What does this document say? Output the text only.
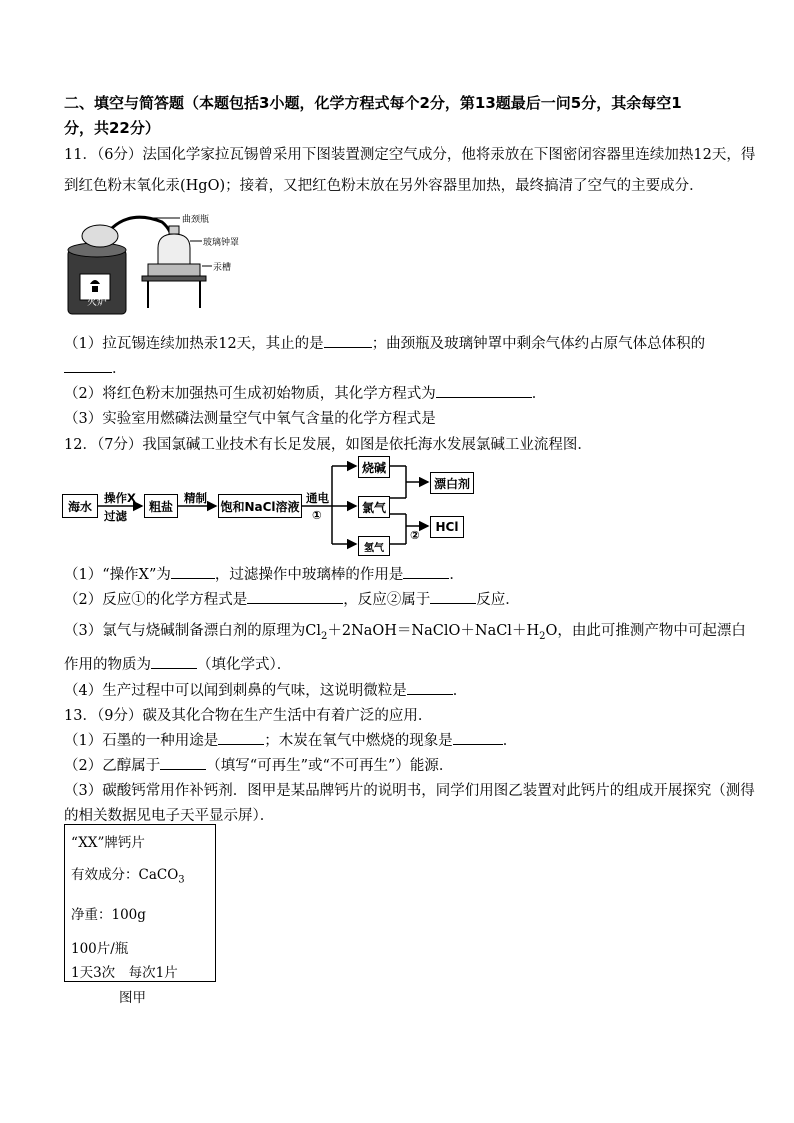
二、填空与简答题（本题包括3小题，化学方程式每个2分，第13题最后一问5分，其余每空1
分，共22分）
11．（6分）法国化学家拉瓦锡曾采用下图装置测定空气成分，他将汞放在下图密闭容器里连续加热12天，得
到红色粉末氧化汞(HgO)；接着，又把红色粉末放在另外容器里加热，最终搞清了空气的主要成分．
火炉
曲颈瓶
玻璃钟罩
汞槽
（1）拉瓦锡连续加热汞12天，其止的是	；曲颈瓶及玻璃钟罩中剩余气体约占原气体总体积的
．
（2）将红色粉末加强热可生成初始物质，其化学方程式为	．
（3）实验室用燃磷法测量空气中氧气含量的化学方程式是
12．（7分）我国氯碱工业技术有长足发展，如图是依托海水发展氯碱工业流程图．
海水
操作X
过滤
粗盐
精制
饱和NaCl溶液
通电
①
烧碱
氯气
氢气
漂白剂
②
HCl
（1）“操作X”为	，过滤操作中玻璃棒的作用是	．
（2）反应①的化学方程式是	，反应②属于	反应．
（3）氯气与烧碱制备漂白剂的原理为$Cl_2+2NaOH=NaClO+NaCl+H_2O$，由此可推测产物中可起漂白
作用的物质为	（填化学式）．
（4）生产过程中可以闻到刺鼻的气味，这说明微粒是	．
13．（9分）碳及其化合物在生产生活中有着广泛的应用．
（1）石墨的一种用途是	；木炭在氧气中燃烧的现象是	．
（2）乙醇属于	（填写“可再生”或“不可再生”）能源．
（3）碳酸钙常用作补钙剂．图甲是某品牌钙片的说明书，同学们用图乙装置对此钙片的组成开展探究（测得
的相关数据见电子天平显示屏）．
“XX”牌钙片
有效成分：CaCO$_3$
净重：100g
100片/瓶
1天3次　每次1片
图甲
